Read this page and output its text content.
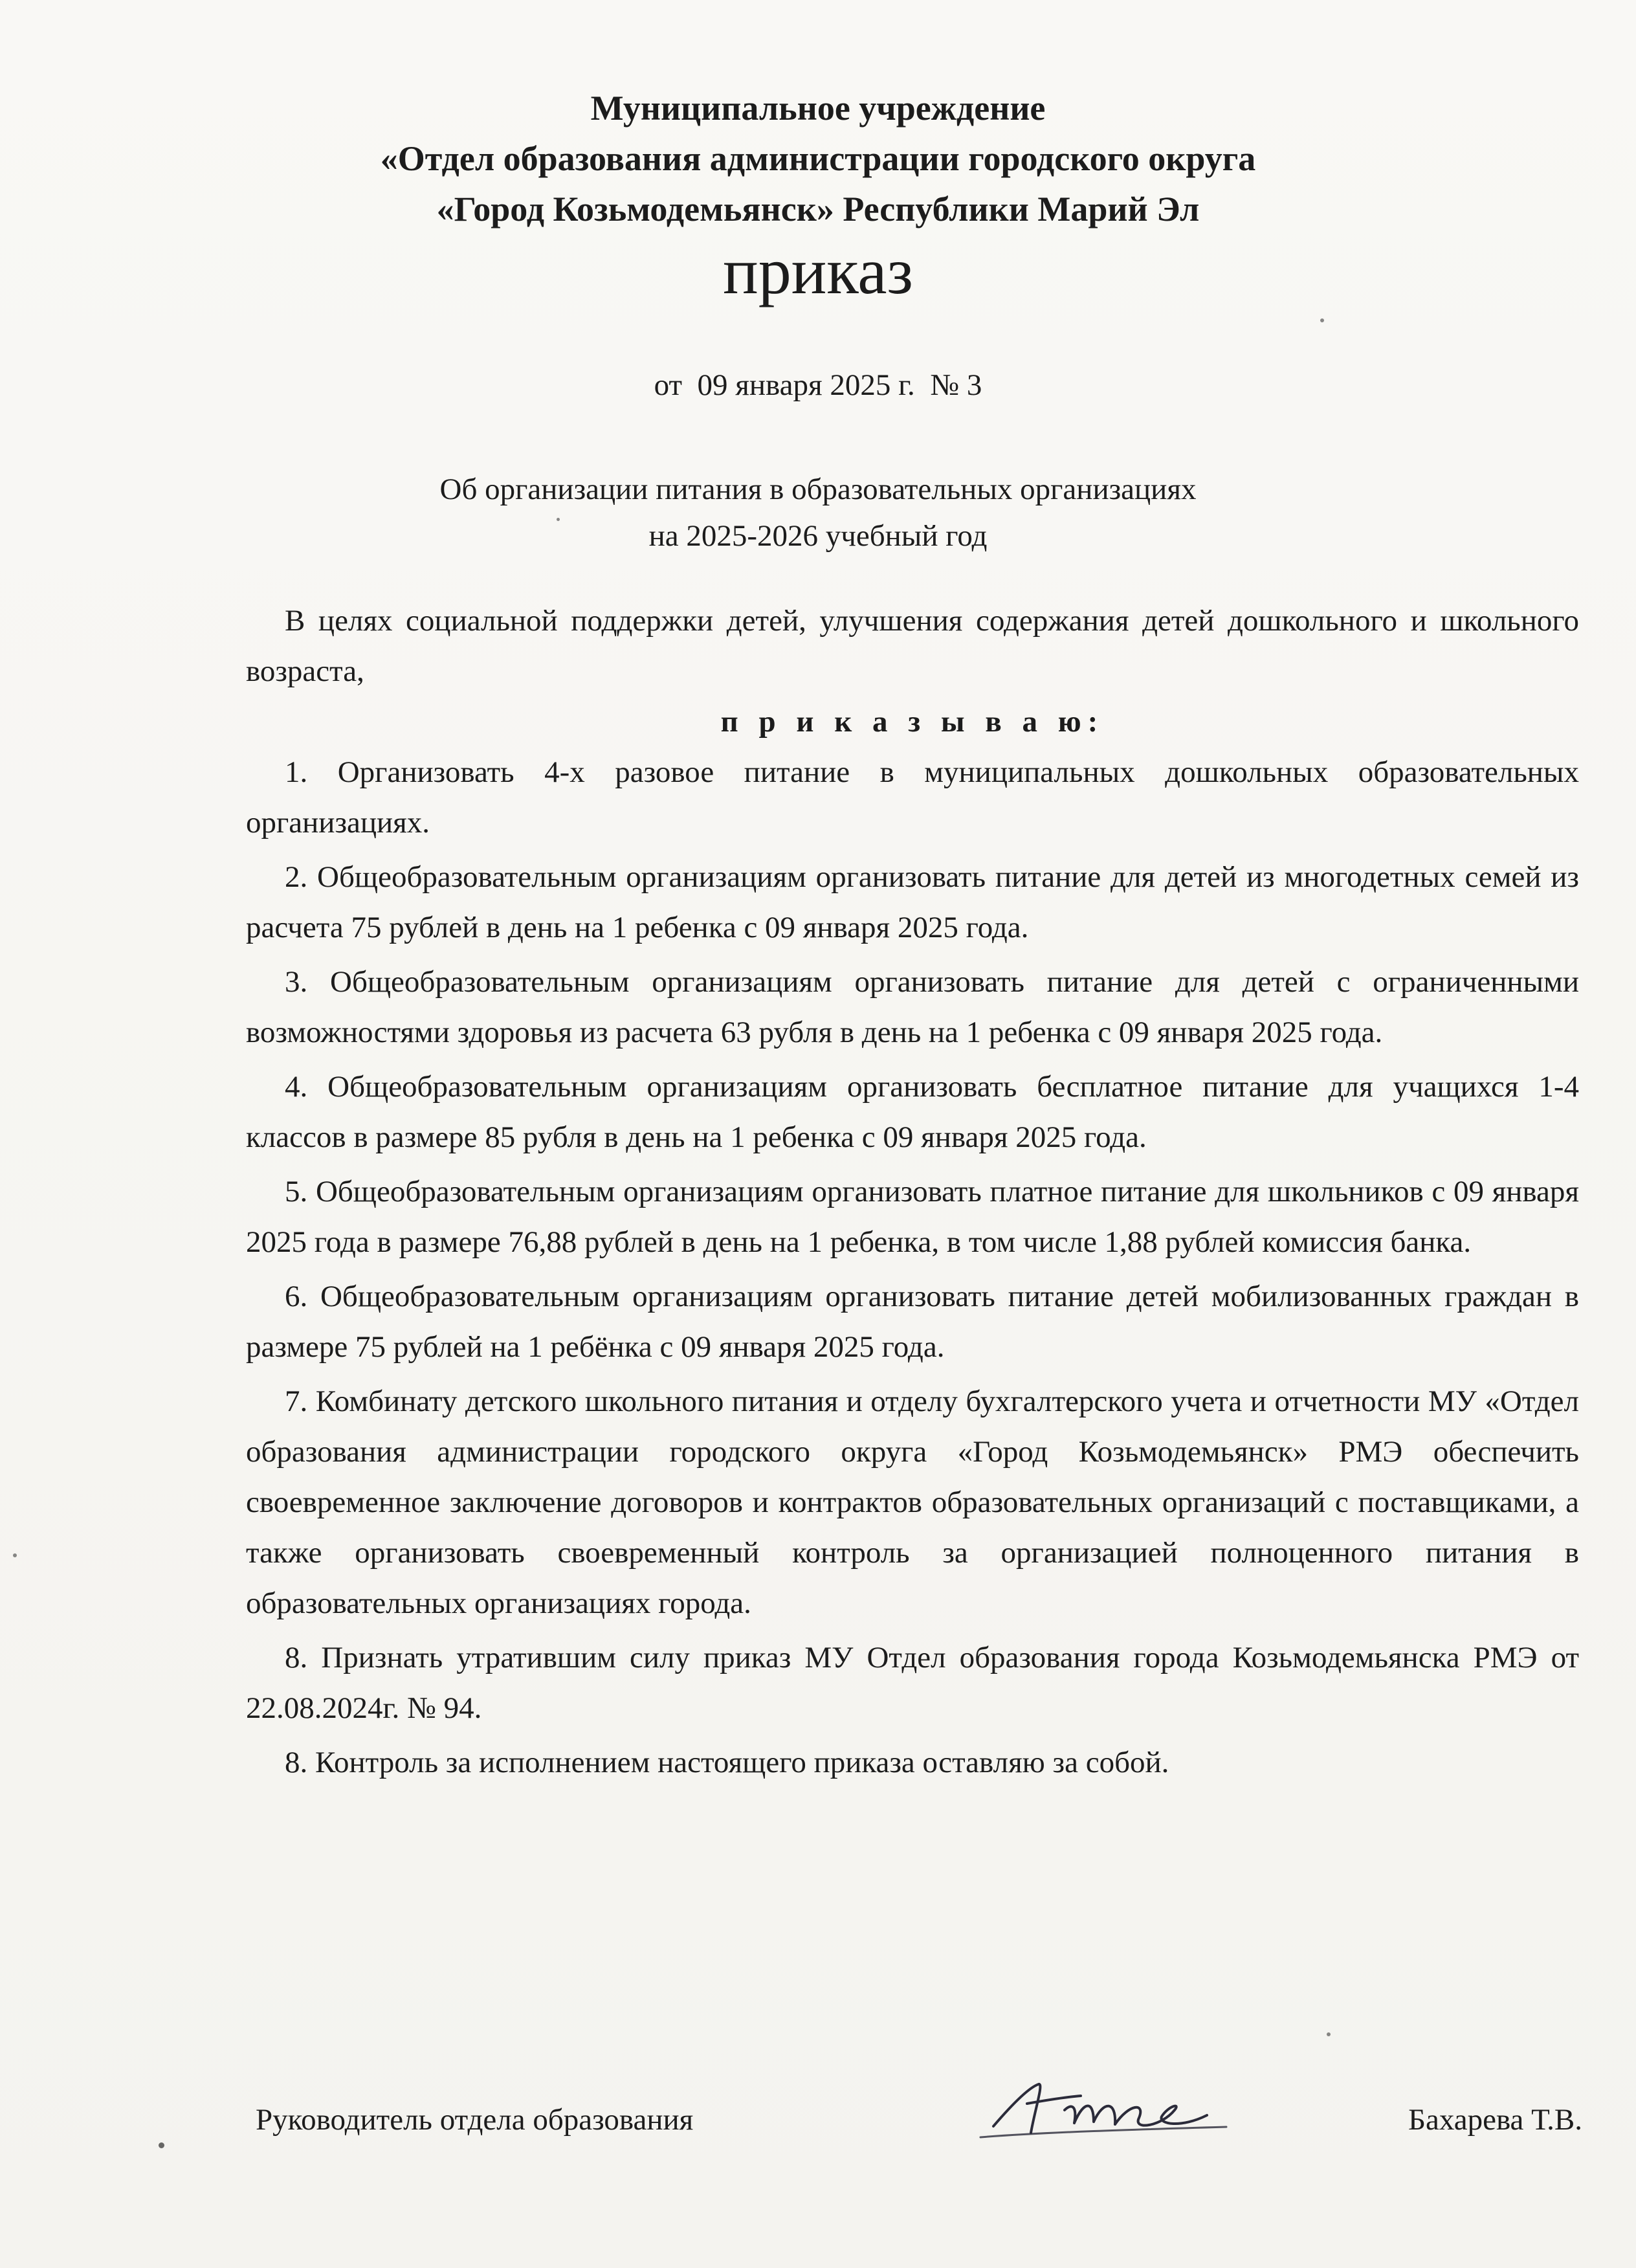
Муниципальное учреждение
«Отдел образования администрации городского округа
«Город Козьмодемьянск» Республики Марий Эл
приказ
от  09 января 2025 г.  № 3
Об организации питания в образовательных организациях
на 2025-2026 учебный год

В целях социальной поддержки детей, улучшения содержания детей дошкольного и школьного возраста,

п р и к а з ы в а ю:

1. Организовать 4-х разовое питание в муниципальных дошкольных образовательных организациях.

2. Общеобразовательным организациям организовать питание для детей из многодетных семей из расчета 75 рублей в день на 1 ребенка с 09 января 2025 года.

3. Общеобразовательным организациям организовать питание для детей с ограниченными возможностями здоровья из расчета 63 рубля в день на 1 ребенка с 09 января 2025 года.

4. Общеобразовательным организациям организовать бесплатное питание для учащихся 1-4 классов в размере 85 рубля в день на 1 ребенка с 09 января 2025 года.

5. Общеобразовательным организациям организовать платное питание для школьников с 09 января 2025 года в размере 76,88 рублей в день на 1 ребенка, в том числе 1,88 рублей комиссия банка.

6. Общеобразовательным организациям организовать питание детей мобилизованных граждан в размере 75 рублей на 1 ребёнка с 09 января 2025 года.

7. Комбинату детского школьного питания и отделу бухгалтерского учета и отчетности МУ «Отдел образования администрации городского округа «Город Козьмодемьянск» РМЭ обеспечить своевременное заключение договоров и контрактов образовательных организаций с поставщиками, а также организовать своевременный контроль за организацией полноценного питания в образовательных организациях города.

8. Признать утратившим силу приказ МУ Отдел образования города Козьмодемьянска РМЭ от 22.08.2024г. № 94.

8. Контроль за исполнением настоящего приказа оставляю за собой.

Руководитель отдела образования	Бахарева Т.В.
